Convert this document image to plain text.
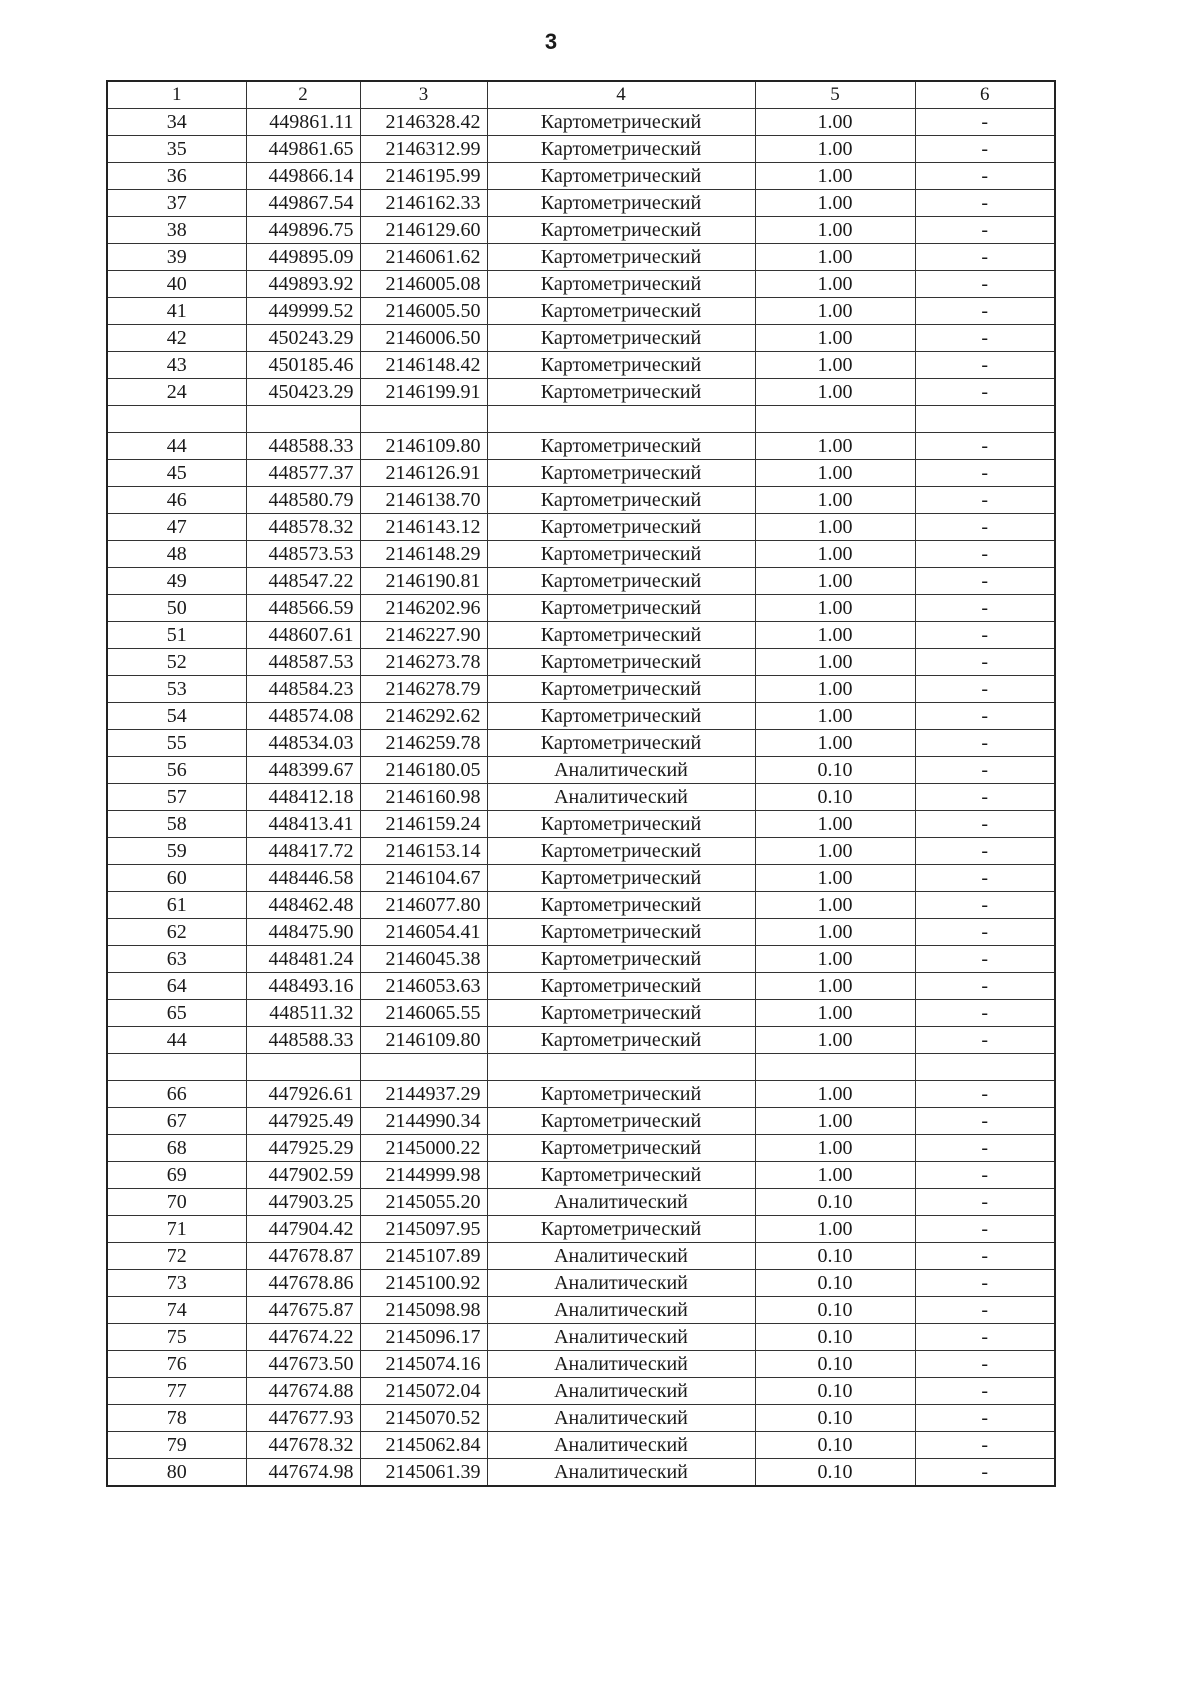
3
1	2	3	4	5	6
34	449861.11	2146328.42	Картометрический	1.00	-
35	449861.65	2146312.99	Картометрический	1.00	-
36	449866.14	2146195.99	Картометрический	1.00	-
37	449867.54	2146162.33	Картометрический	1.00	-
38	449896.75	2146129.60	Картометрический	1.00	-
39	449895.09	2146061.62	Картометрический	1.00	-
40	449893.92	2146005.08	Картометрический	1.00	-
41	449999.52	2146005.50	Картометрический	1.00	-
42	450243.29	2146006.50	Картометрический	1.00	-
43	450185.46	2146148.42	Картометрический	1.00	-
24	450423.29	2146199.91	Картометрический	1.00	-

44	448588.33	2146109.80	Картометрический	1.00	-
45	448577.37	2146126.91	Картометрический	1.00	-
46	448580.79	2146138.70	Картометрический	1.00	-
47	448578.32	2146143.12	Картометрический	1.00	-
48	448573.53	2146148.29	Картометрический	1.00	-
49	448547.22	2146190.81	Картометрический	1.00	-
50	448566.59	2146202.96	Картометрический	1.00	-
51	448607.61	2146227.90	Картометрический	1.00	-
52	448587.53	2146273.78	Картометрический	1.00	-
53	448584.23	2146278.79	Картометрический	1.00	-
54	448574.08	2146292.62	Картометрический	1.00	-
55	448534.03	2146259.78	Картометрический	1.00	-
56	448399.67	2146180.05	Аналитический	0.10	-
57	448412.18	2146160.98	Аналитический	0.10	-
58	448413.41	2146159.24	Картометрический	1.00	-
59	448417.72	2146153.14	Картометрический	1.00	-
60	448446.58	2146104.67	Картометрический	1.00	-
61	448462.48	2146077.80	Картометрический	1.00	-
62	448475.90	2146054.41	Картометрический	1.00	-
63	448481.24	2146045.38	Картометрический	1.00	-
64	448493.16	2146053.63	Картометрический	1.00	-
65	448511.32	2146065.55	Картометрический	1.00	-
44	448588.33	2146109.80	Картометрический	1.00	-

66	447926.61	2144937.29	Картометрический	1.00	-
67	447925.49	2144990.34	Картометрический	1.00	-
68	447925.29	2145000.22	Картометрический	1.00	-
69	447902.59	2144999.98	Картометрический	1.00	-
70	447903.25	2145055.20	Аналитический	0.10	-
71	447904.42	2145097.95	Картометрический	1.00	-
72	447678.87	2145107.89	Аналитический	0.10	-
73	447678.86	2145100.92	Аналитический	0.10	-
74	447675.87	2145098.98	Аналитический	0.10	-
75	447674.22	2145096.17	Аналитический	0.10	-
76	447673.50	2145074.16	Аналитический	0.10	-
77	447674.88	2145072.04	Аналитический	0.10	-
78	447677.93	2145070.52	Аналитический	0.10	-
79	447678.32	2145062.84	Аналитический	0.10	-
80	447674.98	2145061.39	Аналитический	0.10	-
